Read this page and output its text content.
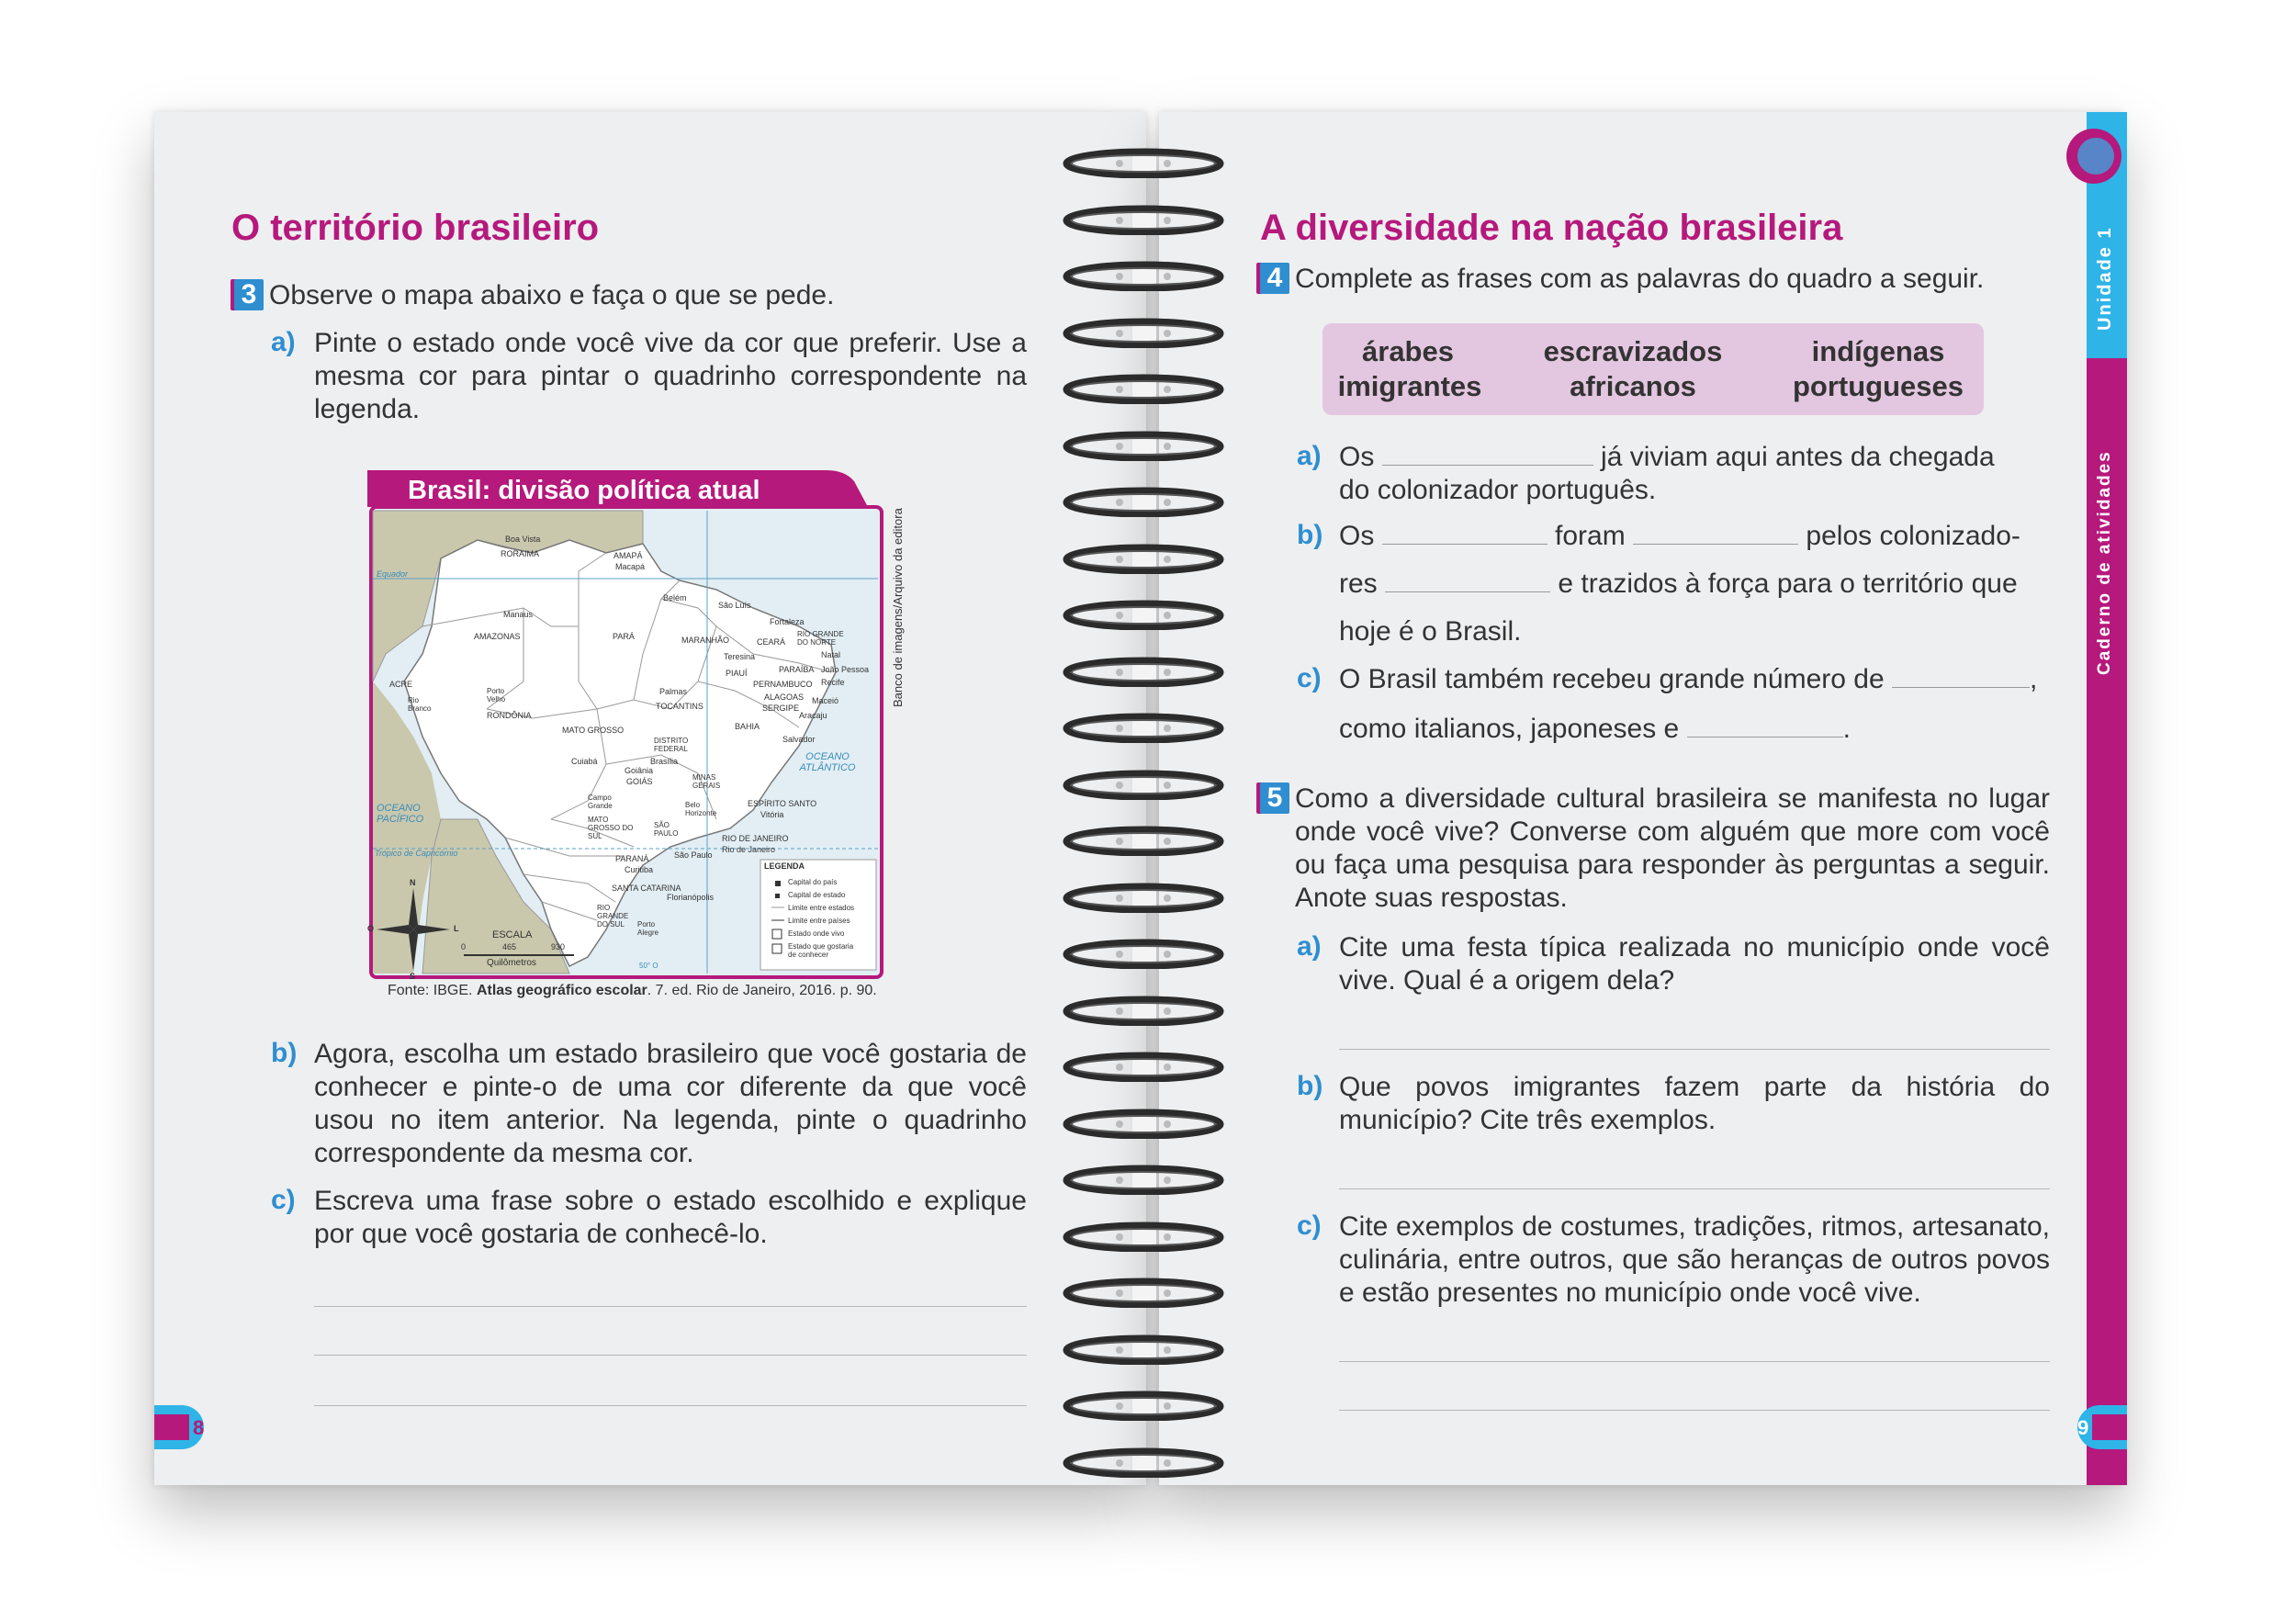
O território brasileiro
3 Observe o mapa abaixo e faça o que se pede.
a) Pinte o estado onde você vive da cor que preferir. Use a mesma cor para pintar o quadrinho correspondente na legenda.
Brasil: divisão política atual
Boa Vista
RORAIMA	AMAPÁ
Macapá
Equador
Belém
São Luís
Manaus
AMAZONAS	PARÁ
Fortaleza
RIO GRANDE DO NORTE
MARANHÃO	CEARÁ
Natal
Teresina
PARAÍBA João Pessoa
PIAUÍ
PERNAMBUCO Recife
ACRE
Rio Branco
Porto Velho
Palmas
ALAGOAS Maceió
TOCANTINS	SERGIPE
Aracaju
RONDÔNIA
BAHIA
MATO GROSSO
Salvador
DISTRITO FEDERAL
OCEANO ATLÂNTICO
Cuiabá	Brasília
Goiânia
GOIÁS	MINAS GERAIS
OCEANO PACÍFICO
Campo Grande	Belo Horizonte
ESPÍRITO SANTO
Vitória
MATO GROSSO DO SUL
SÃO PAULO
RIO DE JANEIRO
Rio de Janeiro
Trópico de Capricórnio
PARANÁ	São Paulo
Curitiba
SANTA CATARINA
Florianópolis
RIO GRANDE DO SUL	Porto Alegre
ESCALA
0	465	930
Quilômetros	50° O
N
S
L
O
LEGENDA
Capital do país
Capital de estado
Limite entre estados
Limite entre países
Estado onde vivo
Estado que gostaria de conhecer
Banco de imagens/Arquivo da editora
Fonte: IBGE. Atlas geográfico escolar. 7. ed. Rio de Janeiro, 2016. p. 90.
b) Agora, escolha um estado brasileiro que você gostaria de conhecer e pinte-o de uma cor diferente da que você usou no item anterior. Na legenda, pinte o quadrinho correspondente da mesma cor.
c) Escreva uma frase sobre o estado escolhido e explique por que você gostaria de conhecê-lo.
8
A diversidade na nação brasileira
4 Complete as frases com as palavras do quadro a seguir.
árabes	escravizados	indígenas
imigrantes	africanos	portugueses
a) Os	já viviam aqui antes da chegada
do colonizador português.
b) Os	foram	pelos colonizado-
res	e trazidos à força para o território que
hoje é o Brasil.
c) O Brasil também recebeu grande número de	,
como italianos, japoneses e	.
5 Como a diversidade cultural brasileira se manifesta no lugar onde você vive? Converse com alguém que more com você ou faça uma pesquisa para responder às perguntas a seguir. Anote suas respostas.
a) Cite uma festa típica realizada no município onde você vive. Qual é a origem dela?
b) Que povos imigrantes fazem parte da história do município? Cite três exemplos.
c) Cite exemplos de costumes, tradições, ritmos, artesanato, culinária, entre outros, que são heranças de outros povos e estão presentes no município onde você vive.
Unidade 1
Caderno de atividades
9
